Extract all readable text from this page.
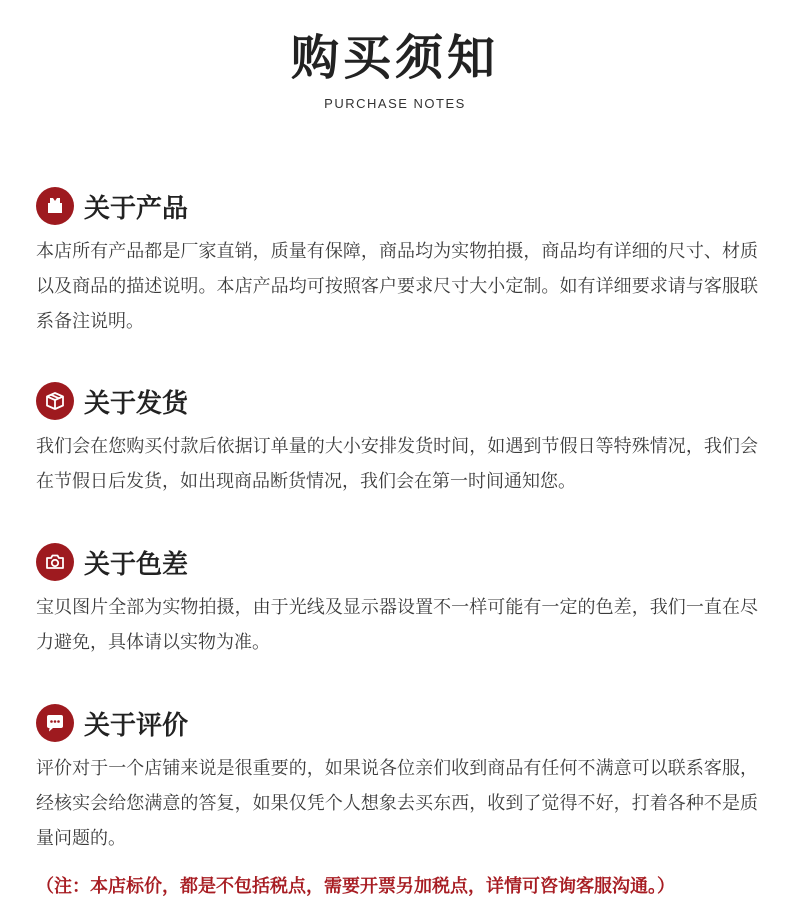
购买须知
PURCHASE NOTES
关于产品
本店所有产品都是厂家直销，质量有保障，商品均为实物拍摄，商品均有详细的尺寸、材质以及商品的描述说明。本店产品均可按照客户要求尺寸大小定制。如有详细要求请与客服联系备注说明。
关于发货
我们会在您购买付款后依据订单量的大小安排发货时间，如遇到节假日等特殊情况，我们会在节假日后发货，如出现商品断货情况，我们会在第一时间通知您。
关于色差
宝贝图片全部为实物拍摄，由于光线及显示器设置不一样可能有一定的色差，我们一直在尽力避免，具体请以实物为准。
关于评价
评价对于一个店铺来说是很重要的，如果说各位亲们收到商品有任何不满意可以联系客服，经核实会给您满意的答复，如果仅凭个人想象去买东西，收到了觉得不好，打着各种不是质量问题的。
（注：本店标价，都是不包括税点，需要开票另加税点，详情可咨询客服沟通。）
